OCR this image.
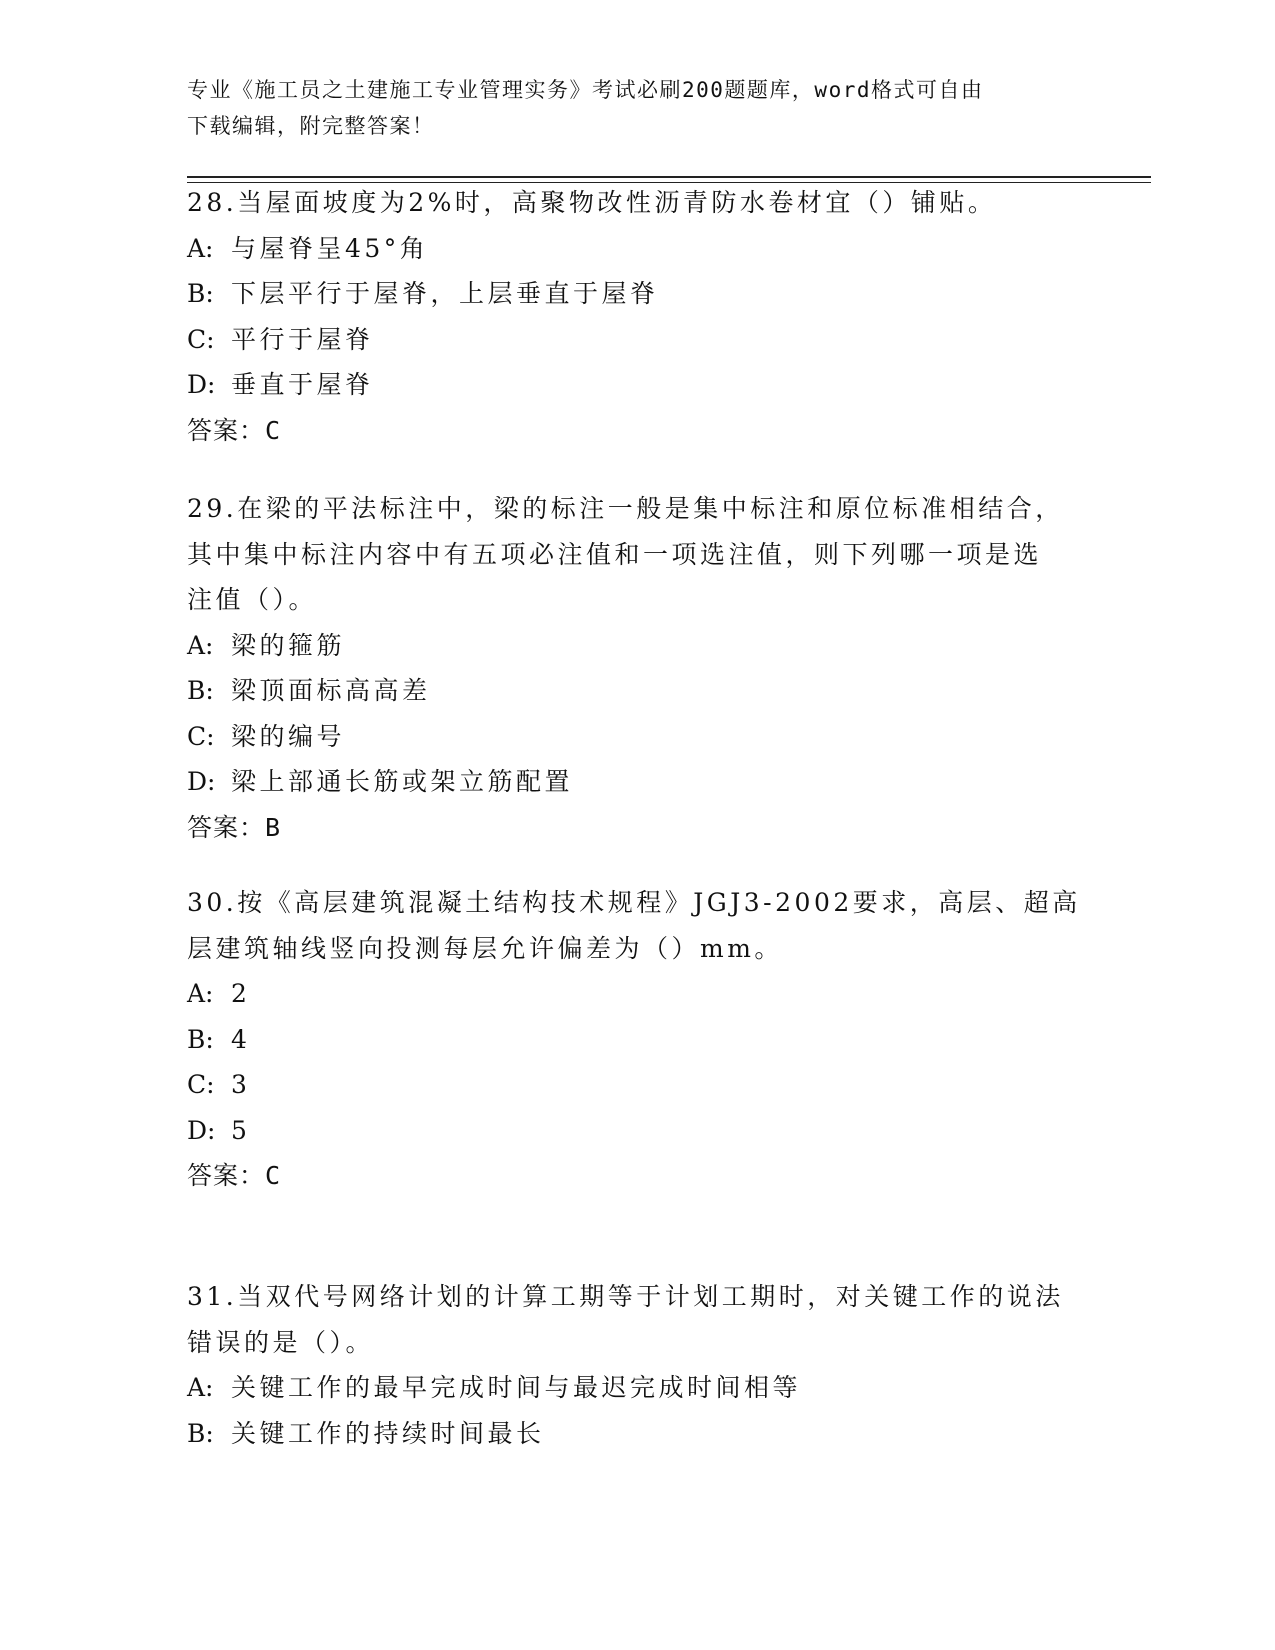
专业《施工员之土建施工专业管理实务》考试必刷200题题库，word格式可自由
下载编辑，附完整答案！
28.当屋面坡度为2%时，高聚物改性沥青防水卷材宜（）铺贴。
A: 与屋脊呈45°角
B: 下层平行于屋脊，上层垂直于屋脊
C: 平行于屋脊
D: 垂直于屋脊
答案：C
29.在梁的平法标注中，梁的标注一般是集中标注和原位标准相结合，
其中集中标注内容中有五项必注值和一项选注值，则下列哪一项是选
注值（）。
A: 梁的箍筋
B: 梁顶面标高高差
C: 梁的编号
D: 梁上部通长筋或架立筋配置
答案：B
30.按《高层建筑混凝土结构技术规程》JGJ3-2002要求，高层、超高
层建筑轴线竖向投测每层允许偏差为（）mm。
A: 2
B: 4
C: 3
D: 5
答案：C
31.当双代号网络计划的计算工期等于计划工期时，对关键工作的说法
错误的是（）。
A: 关键工作的最早完成时间与最迟完成时间相等
B: 关键工作的持续时间最长
